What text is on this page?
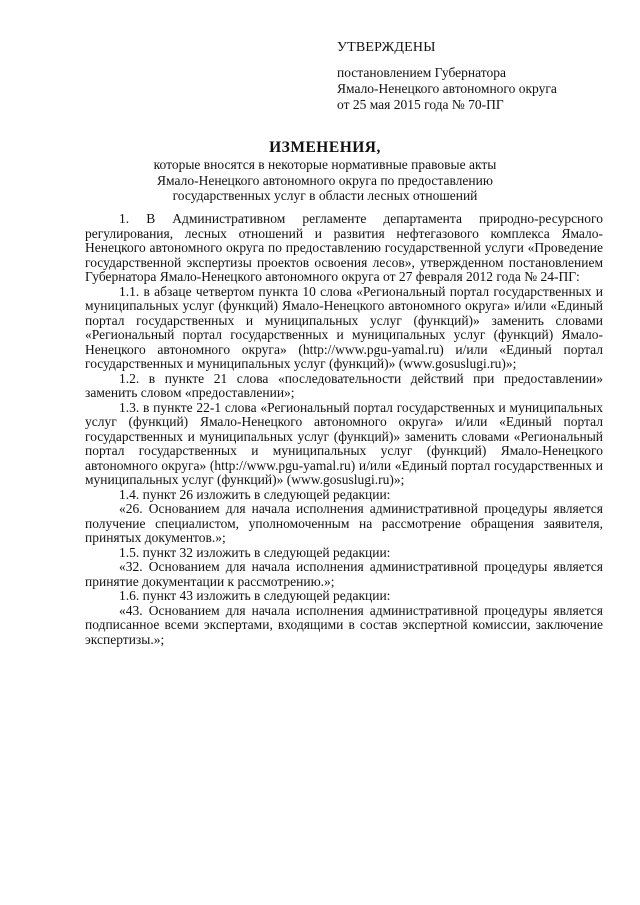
УТВЕРЖДЕНЫ
постановлением Губернатора
Ямало-Ненецкого автономного округа
от 25 мая 2015 года № 70-ПГ
ИЗМЕНЕНИЯ,
которые вносятся в некоторые нормативные правовые акты
Ямало-Ненецкого автономного округа по предоставлению
государственных услуг в области лесных отношений

1. В Административном регламенте департамента природно-ресурсного регулирования, лесных отношений и развития нефтегазового комплекса Ямало-Ненецкого автономного округа по предоставлению государственной услуги «Проведение государственной экспертизы проектов освоения лесов», утвержденном постановлением Губернатора Ямало-Ненецкого автономного округа от 27 февраля 2012 года № 24-ПГ:

1.1. в абзаце четвертом пункта 10 слова «Региональный портал государственных и муниципальных услуг (функций) Ямало-Ненецкого автономного округа» и/или «Единый портал государственных и муниципальных услуг (функций)» заменить словами «Региональный портал государственных и муниципальных услуг (функций) Ямало-Ненецкого автономного округа» (http://www.pgu-yamal.ru) и/или «Единый портал государственных и муниципальных услуг (функций)» (www.gosuslugi.ru)»;

1.2. в пункте 21 слова «последовательности действий при предоставлении» заменить словом «предоставлении»;

1.3. в пункте 22-1 слова «Региональный портал государственных и муниципальных услуг (функций) Ямало-Ненецкого автономного округа» и/или «Единый портал государственных и муниципальных услуг (функций)» заменить словами «Региональный портал государственных и муниципальных услуг (функций) Ямало-Ненецкого автономного округа» (http://www.pgu-yamal.ru) и/или «Единый портал государственных и муниципальных услуг (функций)» (www.gosuslugi.ru)»;

1.4. пункт 26 изложить в следующей редакции:

«26. Основанием для начала исполнения административной процедуры является получение специалистом, уполномоченным на рассмотрение обращения заявителя, принятых документов.»;

1.5. пункт 32 изложить в следующей редакции:

«32. Основанием для начала исполнения административной процедуры является принятие документации к рассмотрению.»;

1.6. пункт 43 изложить в следующей редакции:

«43. Основанием для начала исполнения административной процедуры является подписанное всеми экспертами, входящими в состав экспертной комиссии, заключение экспертизы.»;
